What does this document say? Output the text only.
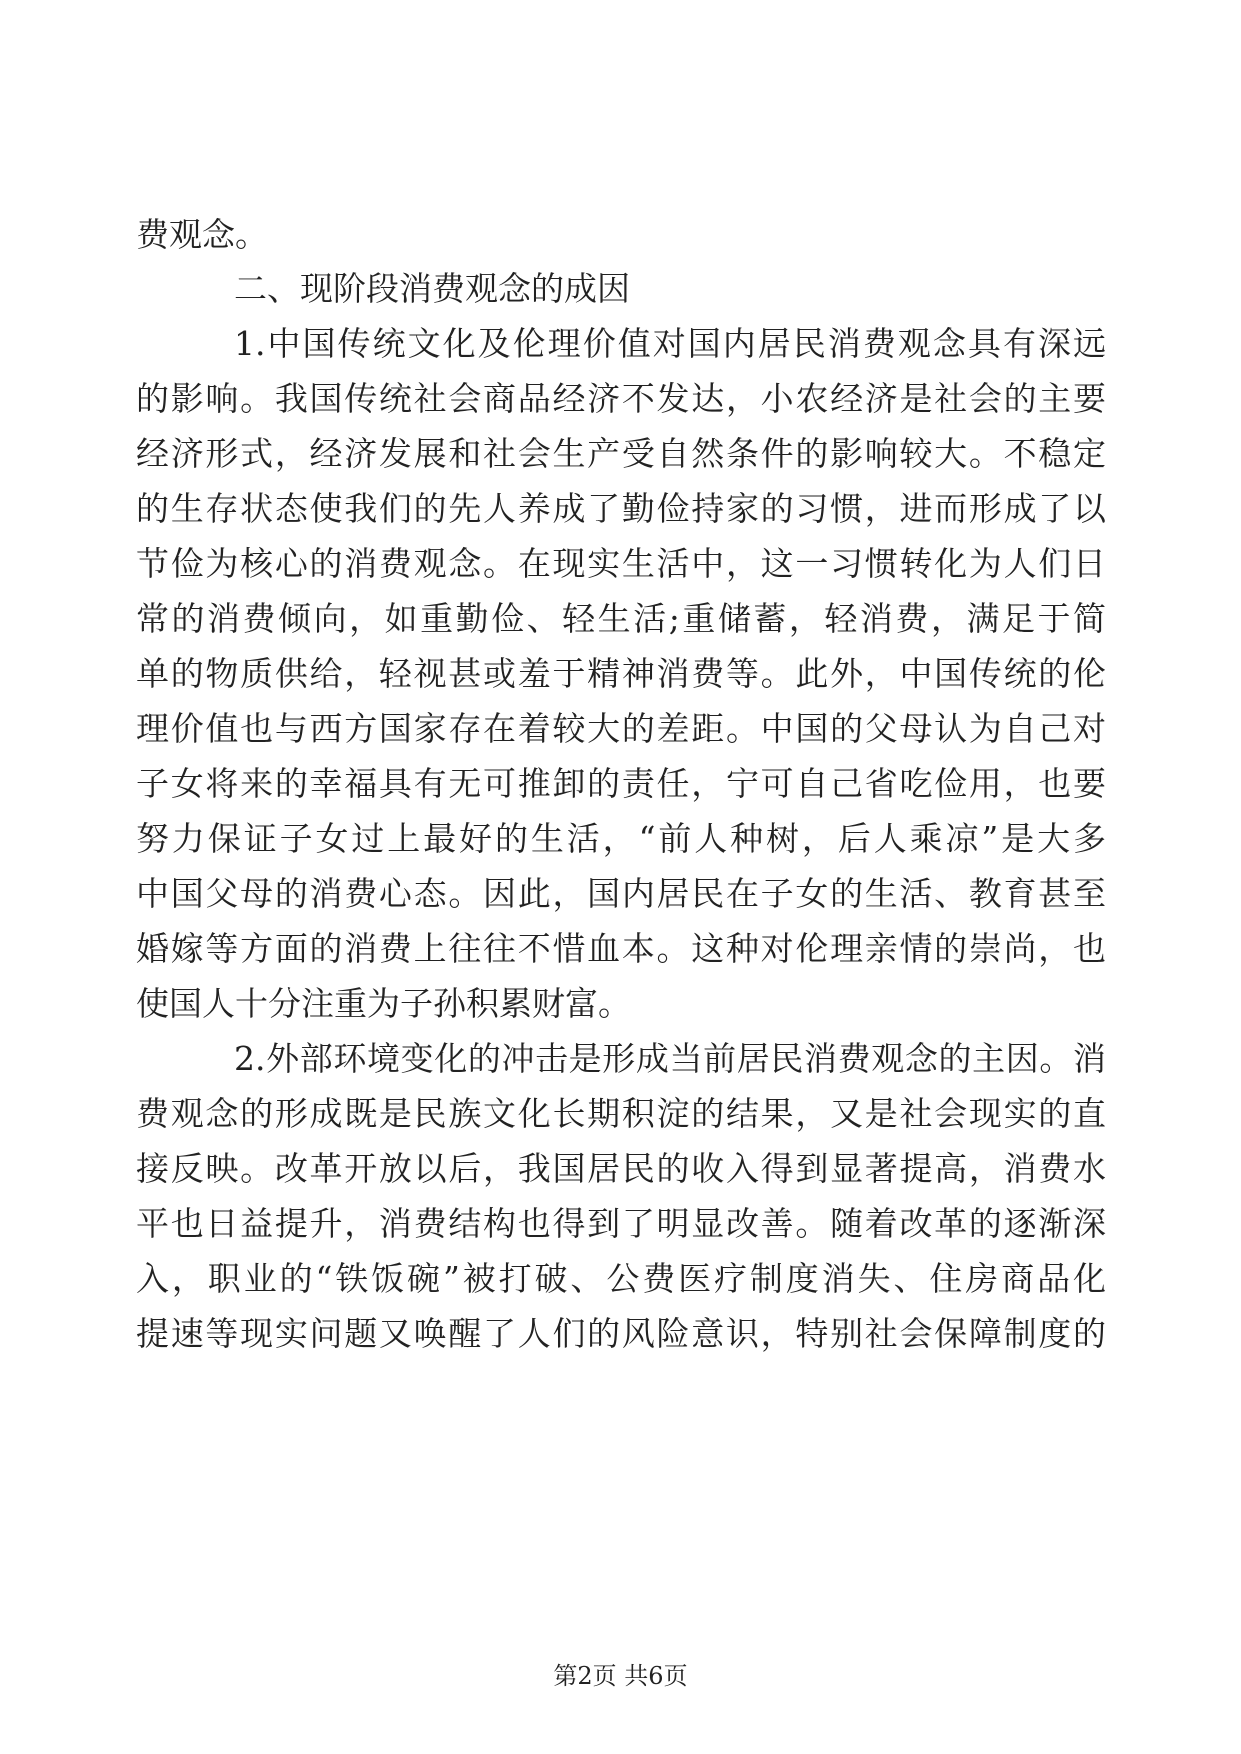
费观念。
二、现阶段消费观念的成因
1.中国传统文化及伦理价值对国内居民消费观念具有深远
的影响。我国传统社会商品经济不发达，小农经济是社会的主要
经济形式，经济发展和社会生产受自然条件的影响较大。不稳定
的生存状态使我们的先人养成了勤俭持家的习惯，进而形成了以
节俭为核心的消费观念。在现实生活中，这一习惯转化为人们日
常的消费倾向，如重勤俭、轻生活;重储蓄，轻消费，满足于简
单的物质供给，轻视甚或羞于精神消费等。此外，中国传统的伦
理价值也与西方国家存在着较大的差距。中国的父母认为自己对
子女将来的幸福具有无可推卸的责任，宁可自己省吃俭用，也要
努力保证子女过上最好的生活，“前人种树，后人乘凉”是大多
中国父母的消费心态。因此，国内居民在子女的生活、教育甚至
婚嫁等方面的消费上往往不惜血本。这种对伦理亲情的崇尚，也
使国人十分注重为子孙积累财富。
2.外部环境变化的冲击是形成当前居民消费观念的主因。消
费观念的形成既是民族文化长期积淀的结果，又是社会现实的直
接反映。改革开放以后，我国居民的收入得到显著提高，消费水
平也日益提升，消费结构也得到了明显改善。随着改革的逐渐深
入，职业的“铁饭碗”被打破、公费医疗制度消失、住房商品化
提速等现实问题又唤醒了人们的风险意识，特别社会保障制度的
第2页 共6页
